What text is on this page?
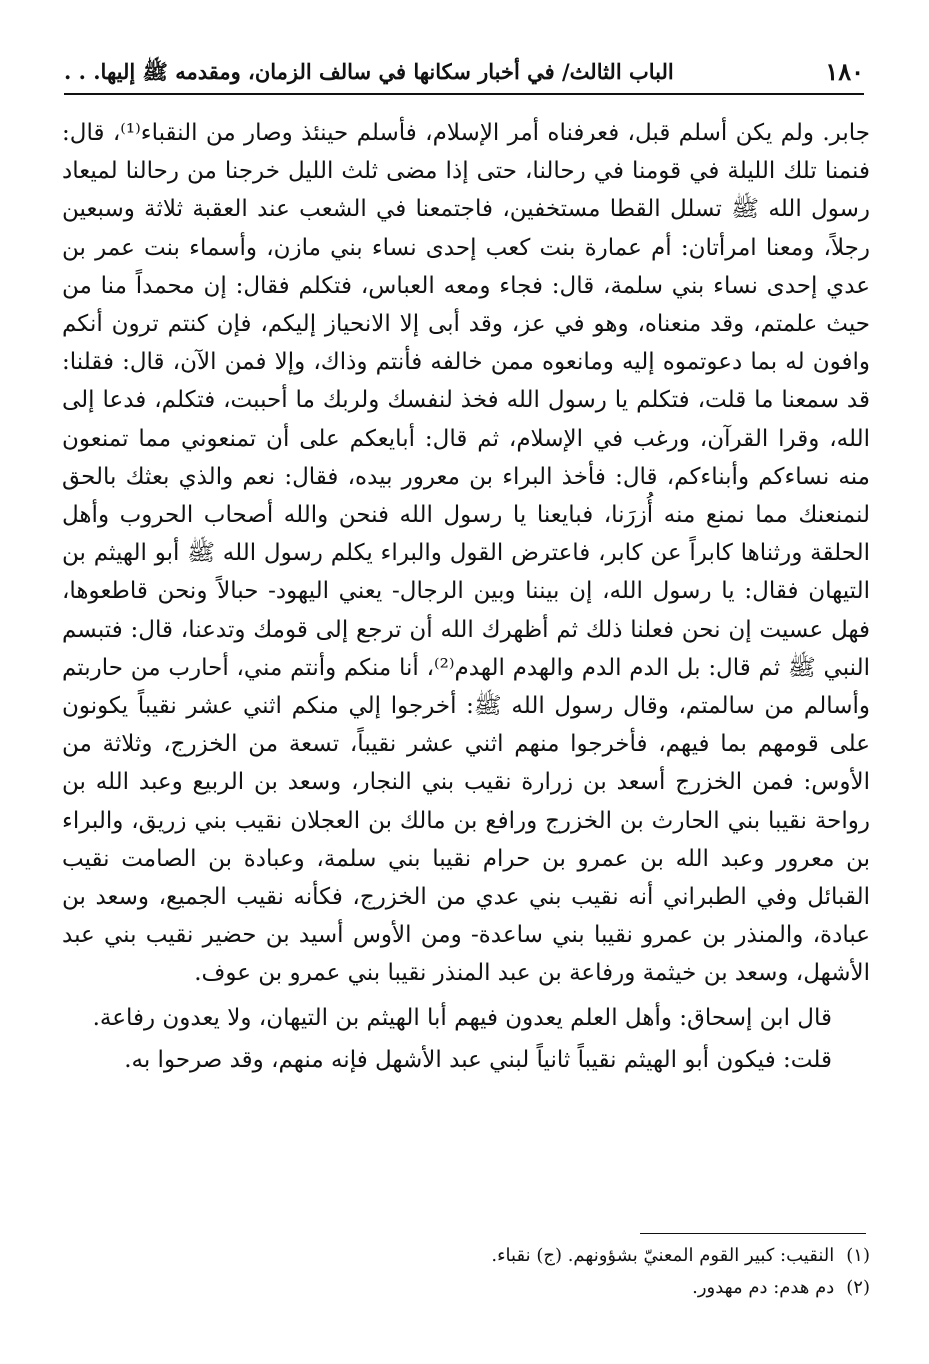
١٨٠
الباب الثالث/ في أخبار سكانها في سالف الزمان، ومقدمه ﷺ إليها. . .

جابر. ولم يكن أسلم قبل، فعرفناه أمر الإسلام، فأسلم حينئذ وصار من النقباء⁽¹⁾، قال: فنمنا تلك الليلة في قومنا في رحالنا، حتى إذا مضى ثلث الليل خرجنا من رحالنا لميعاد رسول الله ﷺ تسلل القطا مستخفين، فاجتمعنا في الشعب عند العقبة ثلاثة وسبعين رجلاً، ومعنا امرأتان: أم عمارة بنت كعب إحدى نساء بني مازن، وأسماء بنت عمر بن عدي إحدى نساء بني سلمة، قال: فجاء ومعه العباس، فتكلم فقال: إن محمداً منا من حيث علمتم، وقد منعناه، وهو في عز، وقد أبى إلا الانحياز إليكم، فإن كنتم ترون أنكم وافون له بما دعوتموه إليه ومانعوه ممن خالفه فأنتم وذاك، وإلا فمن الآن، قال: فقلنا: قد سمعنا ما قلت، فتكلم يا رسول الله فخذ لنفسك ولربك ما أحببت، فتكلم، فدعا إلى الله، وقرا القرآن، ورغب في الإسلام، ثم قال: أبايعكم على أن تمنعوني مما تمنعون منه نساءكم وأبناءكم، قال: فأخذ البراء بن معرور بيده، فقال: نعم والذي بعثك بالحق لنمنعنك مما نمنع منه أُزرَنا، فبايعنا يا رسول الله فنحن والله أصحاب الحروب وأهل الحلقة ورثناها كابراً عن كابر، فاعترض القول والبراء يكلم رسول الله ﷺ أبو الهيثم بن التيهان فقال: يا رسول الله، إن بيننا وبين الرجال- يعني اليهود- حبالاً ونحن قاطعوها، فهل عسيت إن نحن فعلنا ذلك ثم أظهرك الله أن ترجع إلى قومك وتدعنا، قال: فتبسم النبي ﷺ ثم قال: بل الدم الدم والهدم الهدم⁽²⁾، أنا منكم وأنتم مني، أحارب من حاربتم وأسالم من سالمتم، وقال رسول الله ﷺ: أخرجوا إلي منكم اثني عشر نقيباً يكونون على قومهم بما فيهم، فأخرجوا منهم اثني عشر نقيباً، تسعة من الخزرج، وثلاثة من الأوس: فمن الخزرج أسعد بن زرارة نقيب بني النجار، وسعد بن الربيع وعبد الله بن رواحة نقيبا بني الحارث بن الخزرج ورافع بن مالك بن العجلان نقيب بني زريق، والبراء بن معرور وعبد الله بن عمرو بن حرام نقيبا بني سلمة، وعبادة بن الصامت نقيب القبائل وفي الطبراني أنه نقيب بني عدي من الخزرج، فكأنه نقيب الجميع، وسعد بن عبادة، والمنذر بن عمرو نقيبا بني ساعدة- ومن الأوس أسيد بن حضير نقيب بني عبد الأشهل، وسعد بن خيثمة ورفاعة بن عبد المنذر نقيبا بني عمرو بن عوف.

قال ابن إسحاق: وأهل العلم يعدون فيهم أبا الهيثم بن التيهان، ولا يعدون رفاعة.

قلت: فيكون أبو الهيثم نقيباً ثانياً لبني عبد الأشهل فإنه منهم، وقد صرحوا به.

(١)النقيب: كبير القوم المعنيّ بشؤونهم. (ج) نقباء.
(٢)دم هدم: دم مهدور.
